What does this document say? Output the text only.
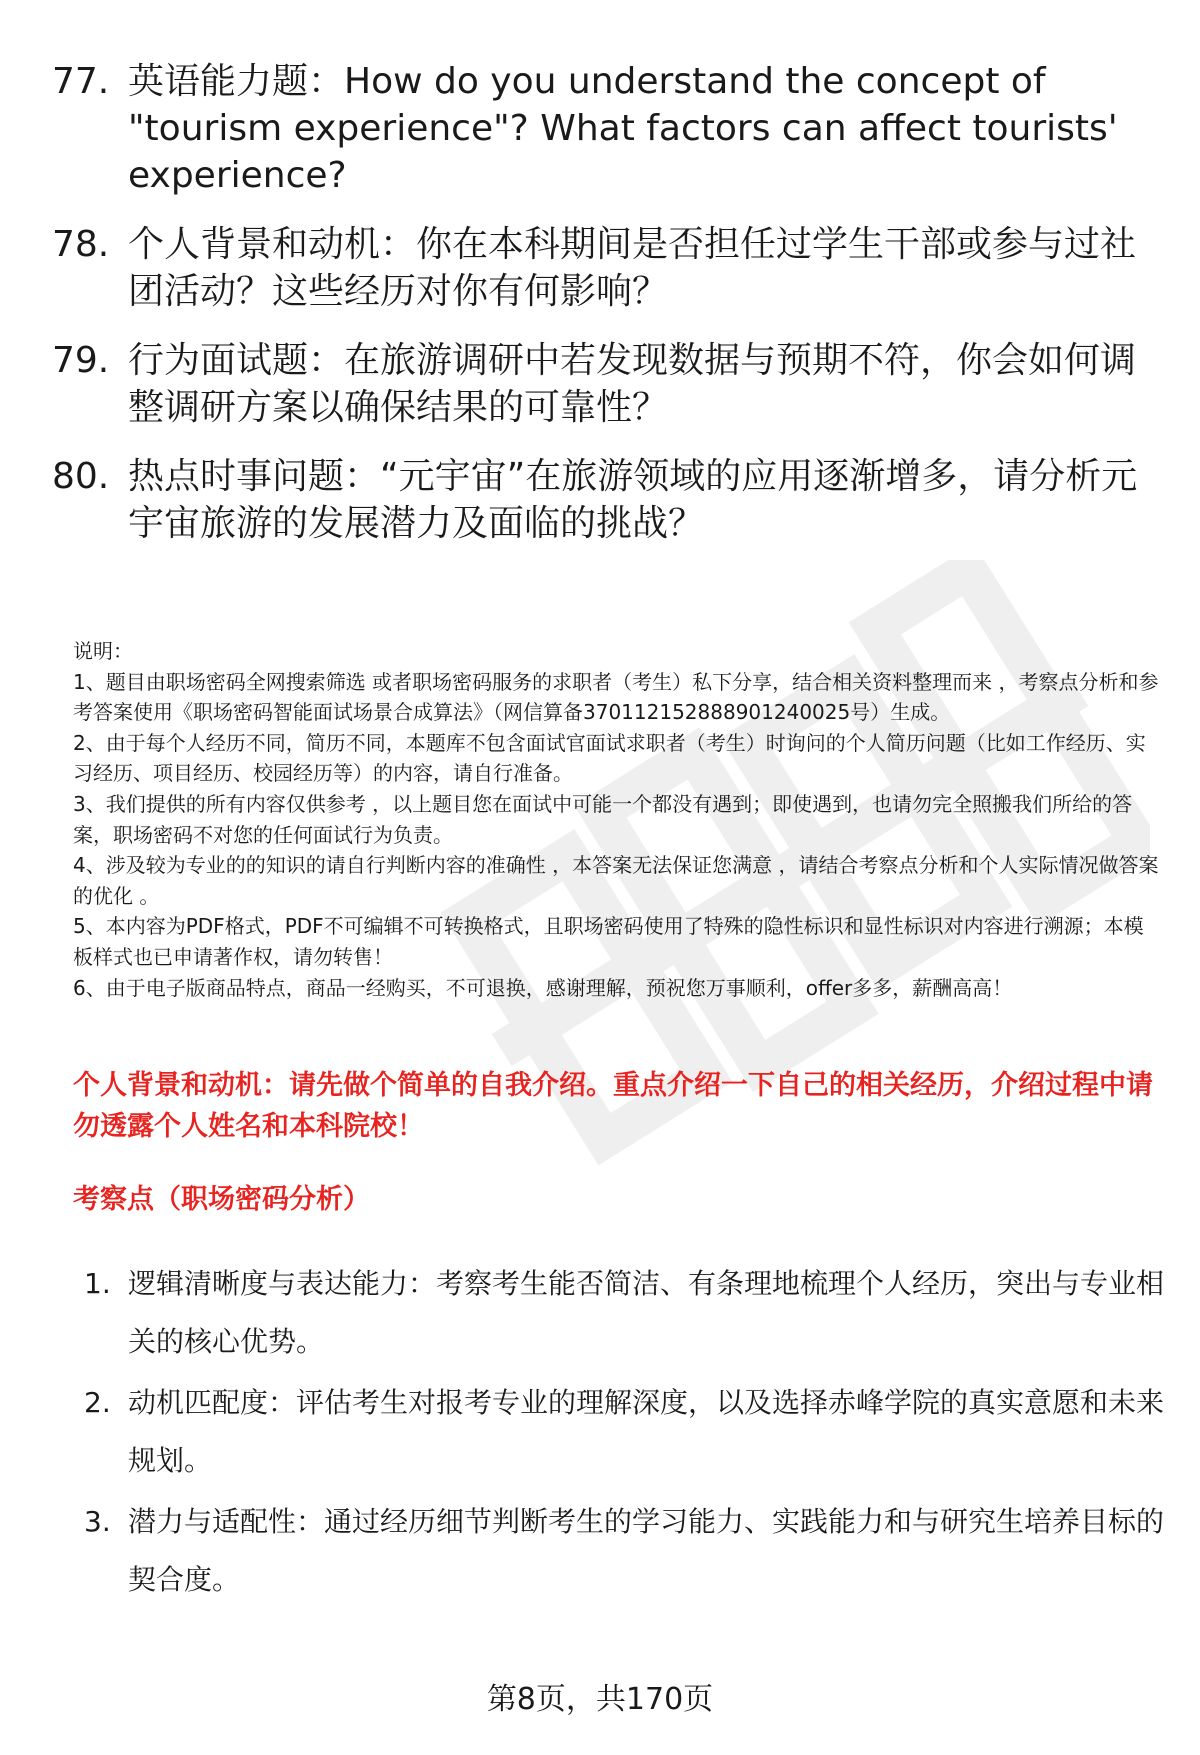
77. 英语能力题：How do you understand the concept of "tourism experience"? What factors can affect tourists' experience?
78. 个人背景和动机：你在本科期间是否担任过学生干部或参与过社团活动？这些经历对你有何影响？
79. 行为面试题：在旅游调研中若发现数据与预期不符，你会如何调整调研方案以确保结果的可靠性？
80. 热点时事问题：“元宇宙”在旅游领域的应用逐渐增多，请分析元宇宙旅游的发展潜力及面临的挑战？

说明：

1、题目由职场密码全网搜索筛选 或者职场密码服务的求职者（考生）私下分享，结合相关资料整理而来 ，考察点分析和参考答案使用《职场密码智能面试场景合成算法》（网信算备370112152888901240025号）生成。

2、由于每个人经历不同，简历不同，本题库不包含面试官面试求职者（考生）时询问的个人简历问题（比如工作经历、实习经历、项目经历、校园经历等）的内容，请自行准备。

3、我们提供的所有内容仅供参考 ，以上题目您在面试中可能一个都没有遇到；即使遇到，也请勿完全照搬我们所给的答案，职场密码不对您的任何面试行为负责。

4、涉及较为专业的的知识的请自行判断内容的准确性 ，本答案无法保证您满意 ，请结合考察点分析和个人实际情况做答案的优化 。

5、本内容为PDF格式，PDF不可编辑不可转换格式，且职场密码使用了特殊的隐性标识和显性标识对内容进行溯源；本模板样式也已申请著作权，请勿转售！

6、由于电子版商品特点，商品一经购买，不可退换，感谢理解，预祝您万事顺利，offer多多，薪酬高高！

个人背景和动机：请先做个简单的自我介绍。重点介绍一下自己的相关经历，介绍过程中请勿透露个人姓名和本科院校！
考察点（职场密码分析）
1. 逻辑清晰度与表达能力：考察考生能否简洁、有条理地梳理个人经历，突出与专业相关的核心优势。
2. 动机匹配度：评估考生对报考专业的理解深度，以及选择赤峰学院的真实意愿和未来规划。
3. 潜力与适配性：通过经历细节判断考生的学习能力、实践能力和与研究生培养目标的契合度。
第8页，共170页
